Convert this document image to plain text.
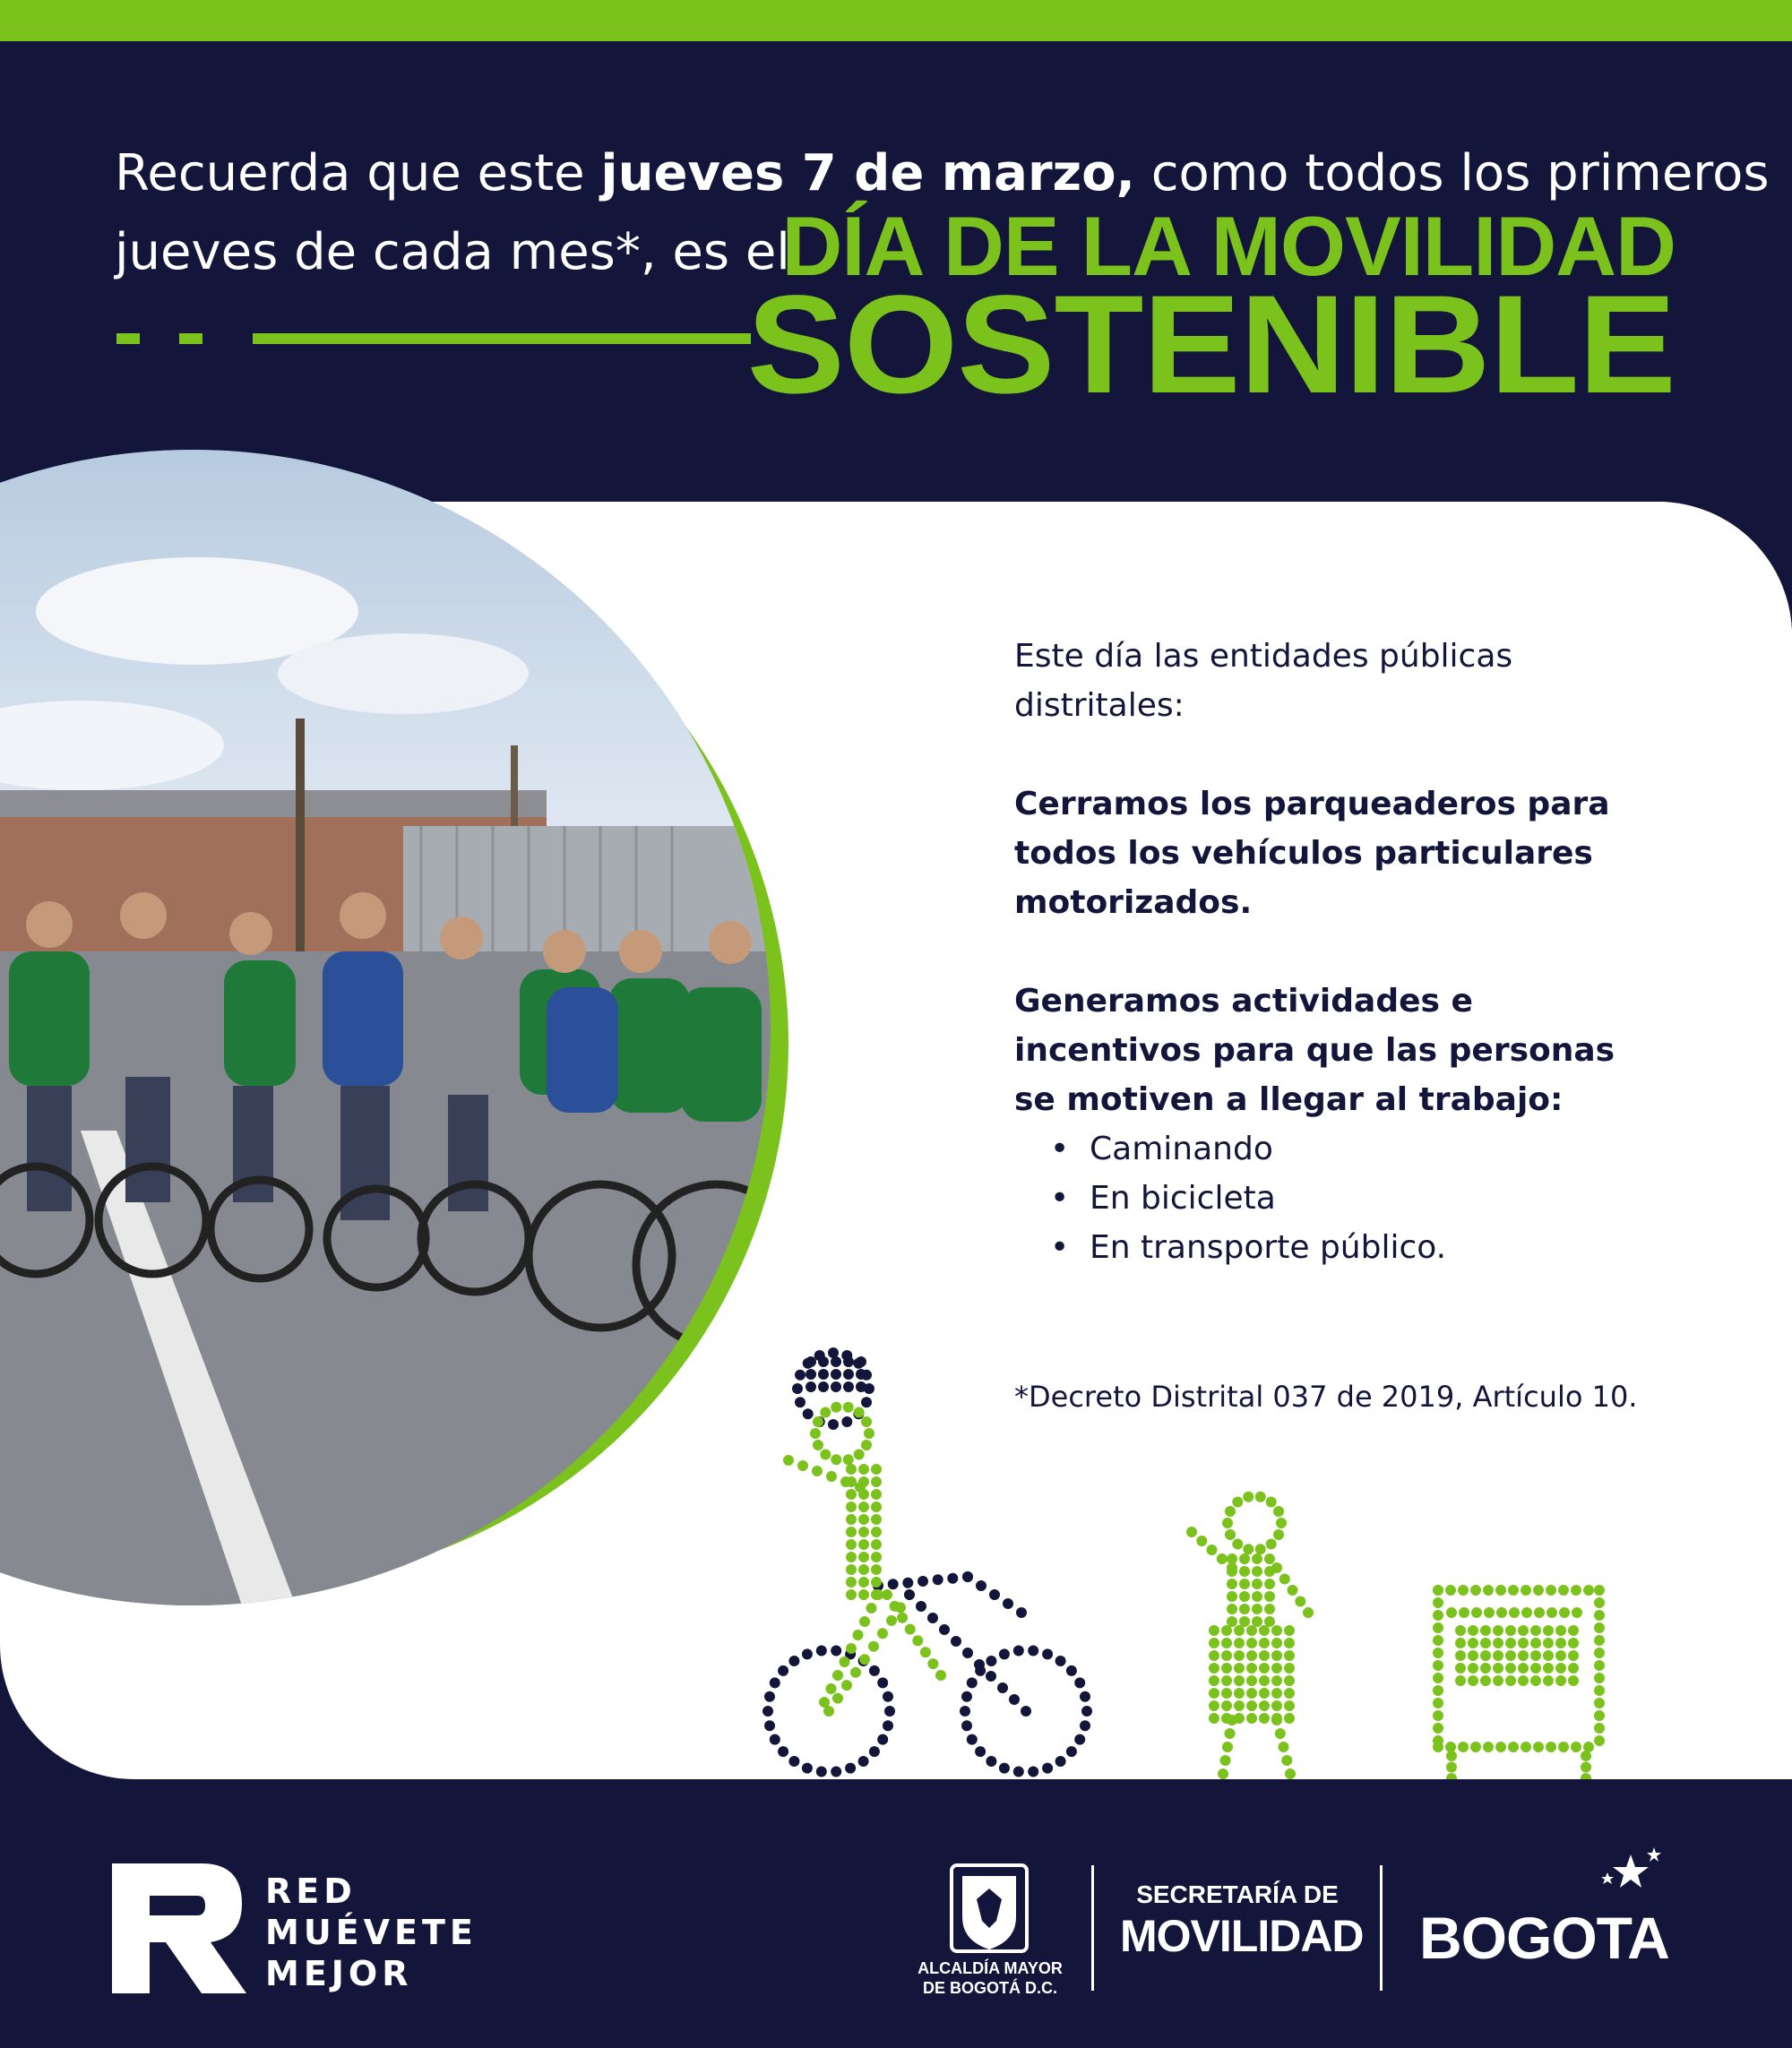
Recuerda que este jueves 7 de marzo, como todos los primeros
jueves de cada mes*, es el
DÍA DE LA MOVILIDAD
SOSTENIBLE

Este día las entidades públicas

distritales:

Cerramos los parqueaderos para

todos los vehículos particulares

motorizados.

Generamos actividades e

incentivos para que las personas

se motiven a llegar al trabajo:

• Caminando
• En bicicleta
• En transporte público.
*Decreto Distrital 037 de 2019, Artículo 10.
RED
MUÉVETE
MEJOR	ALCALDÍA MAYOR
DE BOGOTÁ D.C.
SECRETARÍA DE
MOVILIDAD BOGOTA
